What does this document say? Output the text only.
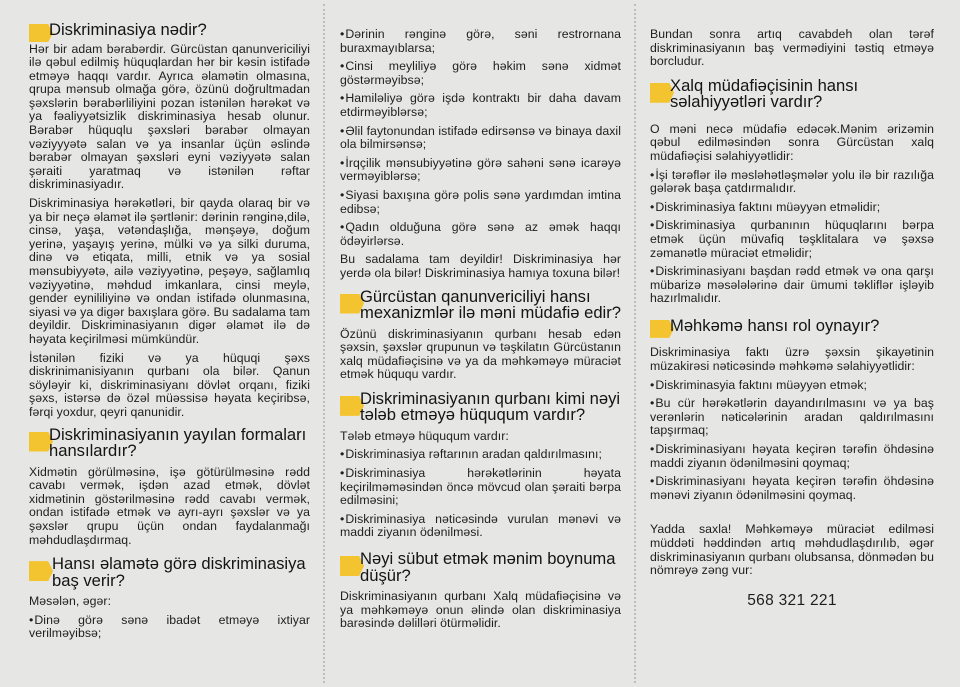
Diskriminasiya nədir?

Hər bir adam bərabərdir. Gürcüstan qanunvericiliyi ilə qəbul edilmiş hüquqlardan hər bir kəsin istifadə etməyə haqqı vardır. Ayrıca əlamətin olmasına, qrupa mənsub olmağa görə, özünü doğrultmadan şəxslərin bərabərliliyini pozan istənilən hərəkət və ya fəaliyyətsizlik diskriminasiya hesab olunur. Bərabər hüquqlu şəxsləri bərabər olmayan vəziyyyətə salan və ya insanlar üçün əslində bərabər olmayan şəxsləri eyni vəziyyətə salan şəraiti yaratmaq və istənilən rəftar diskriminasiyadır.

Diskriminasiya hərəkətləri, bir qayda olaraq bir və ya bir neçə əlamət ilə şərtlənir: dərinin rənginə,dilə, cinsə, yaşa, vətəndaşlığa, mənşəyə, doğum yerinə, yaşayış yerinə, mülki və ya silki duruma, dinə və etiqata, milli, etnik və ya sosial mənsubiyyətə, ailə vəziyyətinə, peşəyə, sağlamlıq vəziyyətinə, məhdud imkanlara, cinsi meylə, gender eynililiyinə və ondan istifadə olunmasına, siyasi və ya digər baxışlara görə. Bu sadalama tam deyildir. Diskriminasiyanın digər əlamət ilə də həyata keçirilməsi mümkündür.

İstənilən fiziki və ya hüquqi şəxs diskrinimanisiyanın qurbanı ola bilər. Qanun söyləyir ki, diskriminasiyanı dövlət orqanı, fiziki şəxs, istərsə də özəl müəssisə həyata keçiribsə, fərqi yoxdur, qeyri qanunidir.

Diskriminasiyanın yayılan formaları hansılardır?

Xidmətin görülməsinə, işə götürülməsinə rədd cavabı vermək, işdən azad etmək, dövlət xidmətinin göstərilməsinə rədd cavabı vermək, ondan istifadə etmək və ayrı-ayrı şəxslər və ya şəxslər qrupu üçün ondan faydalanmağı məhdudlaşdırmaq.

Hansı əlamətə görə diskriminasiya baş verir?

Məsələn, əgər:

• Dinə görə sənə ibadət etməyə ixtiyar verilməyibsə;
• Dərinin rənginə görə, səni restrornana buraxmayıblarsa;
• Cinsi meyliliyə görə həkim sənə xidmət göstərməyibsə;
• Hamiləliyə görə işdə kontraktı bir daha davam etdirməyiblərsə;
• Əlil faytonundan istifadə edirsənsə və binaya daxil ola bilmirsənsə;
• İrqçilik mənsubiyyətinə görə sahəni sənə icarəyə verməyiblərsə;
• Siyasi baxışına görə polis sənə yardımdan imtina edibsə;
• Qadın olduğuna görə sənə az əmək haqqı ödəyirlərsə.

Bu sadalama tam deyildir! Diskriminasiya hər yerdə ola bilər! Diskriminasiya hamıya toxuna bilər!

Gürcüstan qanunvericiliyi hansı mexanizmlər ilə məni müdafiə edir?

Özünü diskriminasiyanın qurbanı hesab edən şəxsin, şəxslər qrupunun və təşkilatın Gürcüstanın xalq müdafiəçisinə və ya da məhkəməyə müraciət etmək hüququ vardır.

Diskriminasiyanın qurbanı kimi nəyi tələb etməyə hüququm vardır?

Tələb etməyə hüququm vardır:

• Diskriminasiya rəftarının aradan qaldırılmasını;
• Diskriminasiya hərəkətlərinin həyata keçirilməməsindən öncə mövcud olan şəraiti bərpa edilməsini;
• Diskriminasiya nəticəsində vurulan mənəvi və maddi ziyanın ödənilməsi.
Nəyi sübut etmək mənim boynuma düşür?

Diskriminasiyanın qurbanı Xalq müdafiəçisinə və ya məhkəməyə onun əlində olan diskriminasiya barəsində dəlilləri ötürməlidir.

Bundan sonra artıq cavabdeh olan tərəf diskriminasiyanın baş vermədiyini təstiq etməyə borcludur.

Xalq müdafiəçisinin hansı səlahiyyətləri vardır?

O məni necə müdafiə edəcək.Mənim ərizəmin qəbul edilməsindən sonra Gürcüstan xalq müdafiəçisi səlahiyyətlidir:

• İşi tərəflər ilə məsləhətləşmələr yolu ilə bir razılığa gələrək başa çatdırmalıdır.
• Diskriminasiya faktını müəyyən etməlidir;
• Diskriminasiya qurbanının hüquqlarını bərpa etmək üçün müvafiq təşklitalara və şəxsə zəmanətlə müraciət etməlidir;
• Diskriminasiyanı başdan rədd etmək və ona qarşı mübarizə məsələlərinə dair ümumi təkliflər işləyib hazırlmalıdır.
Məhkəmə hansı rol oynayır?

Diskriminasiya faktı üzrə şəxsin şikayətinin müzakirəsi nəticəsində məhkəmə səlahiyyətlidir:

• Diskriminasyia faktını müəyyən etmək;
• Bu cür hərəkətlərin dayandırılmasını və ya baş verənlərin nəticələrinin aradan qaldırılmasını tapşırmaq;
• Diskriminasiyanı həyata keçirən tərəfin öhdəsinə maddi ziyanın ödənilməsini qoymaq;
• Diskriminasiyanı həyata keçirən tərəfin öhdəsinə mənəvi ziyanın ödənilməsini qoymaq.

Yadda saxla! Məhkəməyə müraciət edilməsi müddəti həddindən artıq məhdudlaşdırılıb, əgər diskriminasiyanın qurbanı olubsansa, dönmədən bu nömrəyə zəng vur:

568 321 221
